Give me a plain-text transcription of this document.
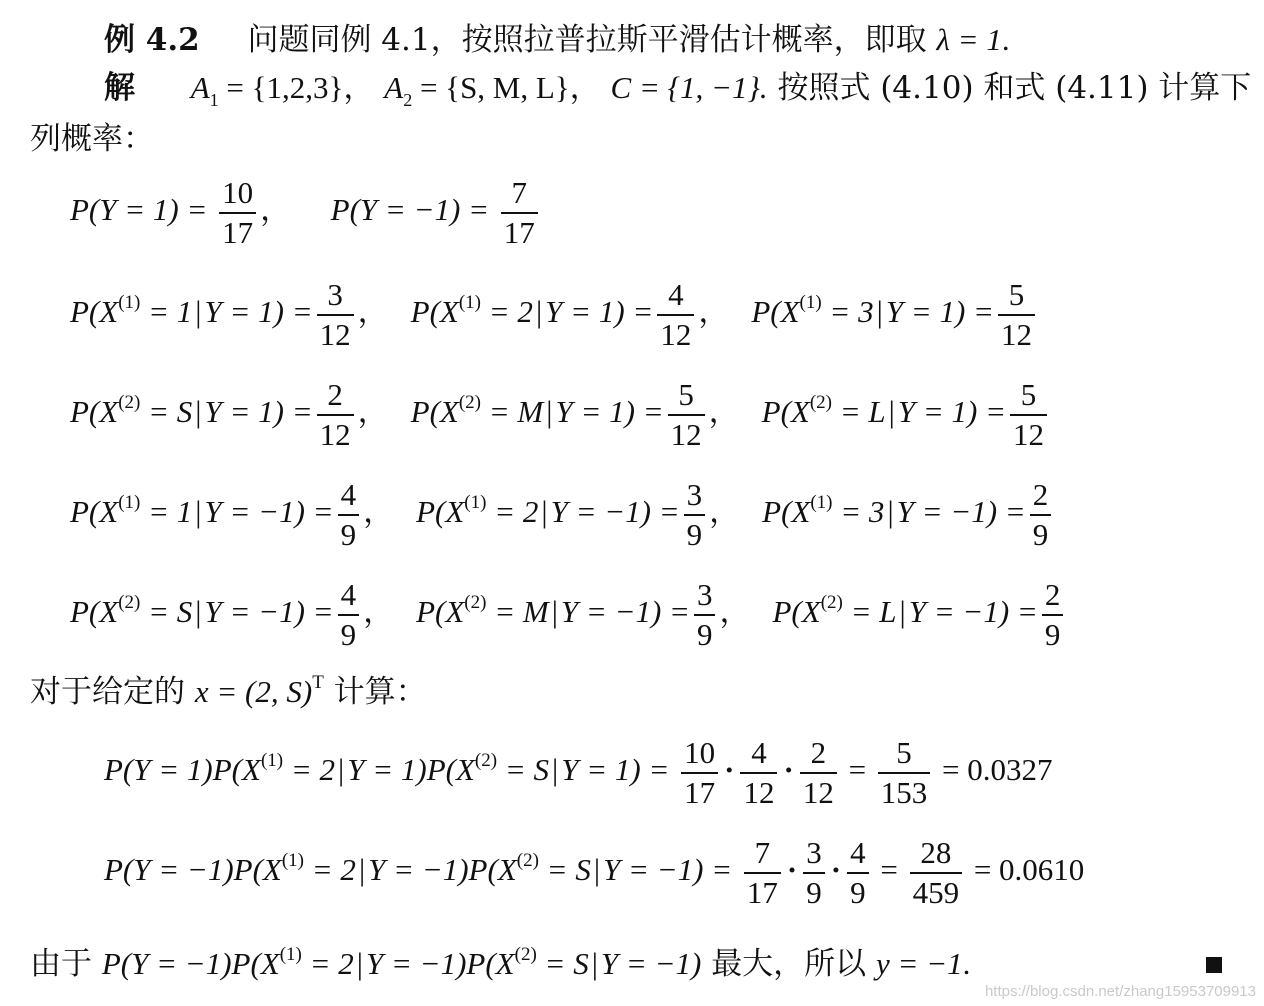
例 4.2 问题同例 4.1，按照拉普拉斯平滑估计概率，即取 λ = 1.
解 $A_1 = \{1,2,3\}$， $A_2 = \{S$, M, L}， C = {1, −1}. 按照式 (4.10) 和式 (4.11) 计算下
列概率：
$P(Y = 1) = \frac{10}{17}$ ， $P(Y = -1) = \frac{7}{17}$
$P(X^{(1)} = 1|Y = 1) = \frac{3}{12}$ ， $P(X^{(1)} = 2|Y = 1) = \frac{4}{12}$ ， $P(X^{(1)} = 3|Y = 1) = \frac{5}{12}$
$P(X^{(2)} = S|Y = 1) = \frac{2}{12}$ ， $P(X^{(2)} = M|Y = 1) = \frac{5}{12}$ ， $P(X^{(2)} = L|Y = 1) = \frac{5}{12}$
$P(X^{(1)} = 1|Y = -1) = \frac{4}{9}$ ， $P(X^{(1)} = 2|Y = -1) = \frac{3}{9}$ ， $P(X^{(1)} = 3|Y = -1) = \frac{2}{9}$
$P(X^{(2)} = S|Y = -1) = \frac{4}{9}$ ， $P(X^{(2)} = M|Y = -1) = \frac{3}{9}$ ， $P(X^{(2)} = L|Y = -1) = \frac{2}{9}$
对于给定的 x = (2, S)$^T$ 计算：
$P(Y = 1)P(X^{(1)} = 2|Y = 1)P(X^{(2)} = S|Y = 1) = \frac{10}{17} \cdot \frac{4}{12} \cdot \frac{2}{12} = \frac{5}{153} = 0.0327$
$P(Y = -1)P(X^{(1)} = 2|Y = -1)P(X^{(2)} = S|Y = -1) = \frac{7}{17} \cdot \frac{3}{9} \cdot \frac{4}{9} = \frac{28}{459} = 0.0610$
由于 $P(Y = -1)P(X^{(1)} = 2|Y = -1)P(X^{(2)} = S|Y = -1)$ 最大，所以 y = −1.
https://blog.csdn.net/zhang15953709913
